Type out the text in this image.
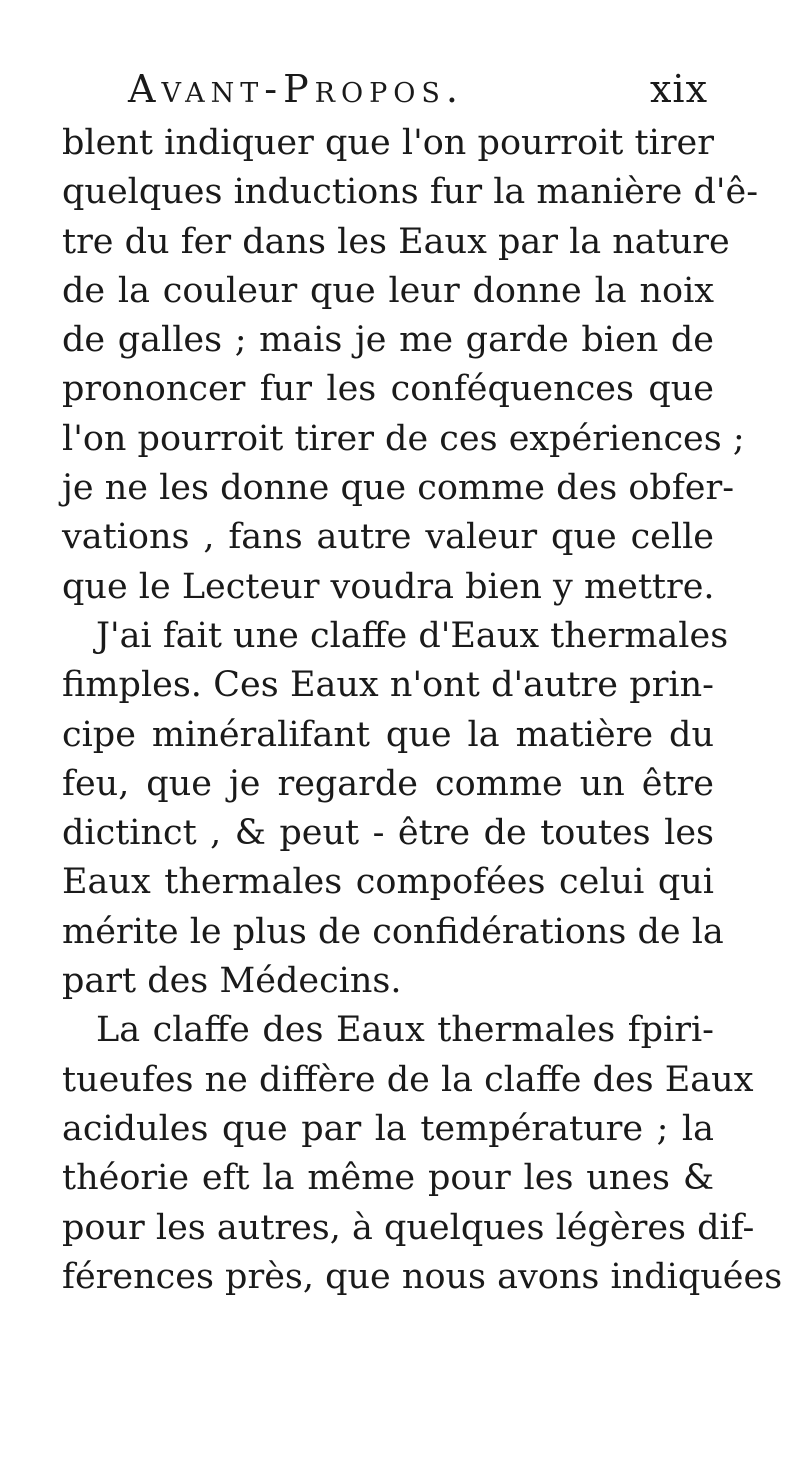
Avant-Propos.	xix
blent indiquer que l'on pourroit tirer
quelques inductions fur la manière d'ê-
tre du fer dans les Eaux par la nature
de la couleur que leur donne la noix
de galles ; mais je me garde bien de
prononcer fur les conféquences que
l'on pourroit tirer de ces expériences ;
je ne les donne que comme des obfer-
vations , fans autre valeur que celle
que le Lecteur voudra bien y mettre.
J'ai fait une claffe d'Eaux thermales
fimples. Ces Eaux n'ont d'autre prin-
cipe minéralifant que la matière du
feu, que je regarde comme un être
dictinct , & peut - être de toutes les
Eaux thermales compofées celui qui
mérite le plus de confidérations de la
part des Médecins.
La claffe des Eaux thermales fpiri-
tueufes ne diffère de la claffe des Eaux
acidules que par la température ; la
théorie eft la même pour les unes &
pour les autres, à quelques légères dif-
férences près, que nous avons indiquées
